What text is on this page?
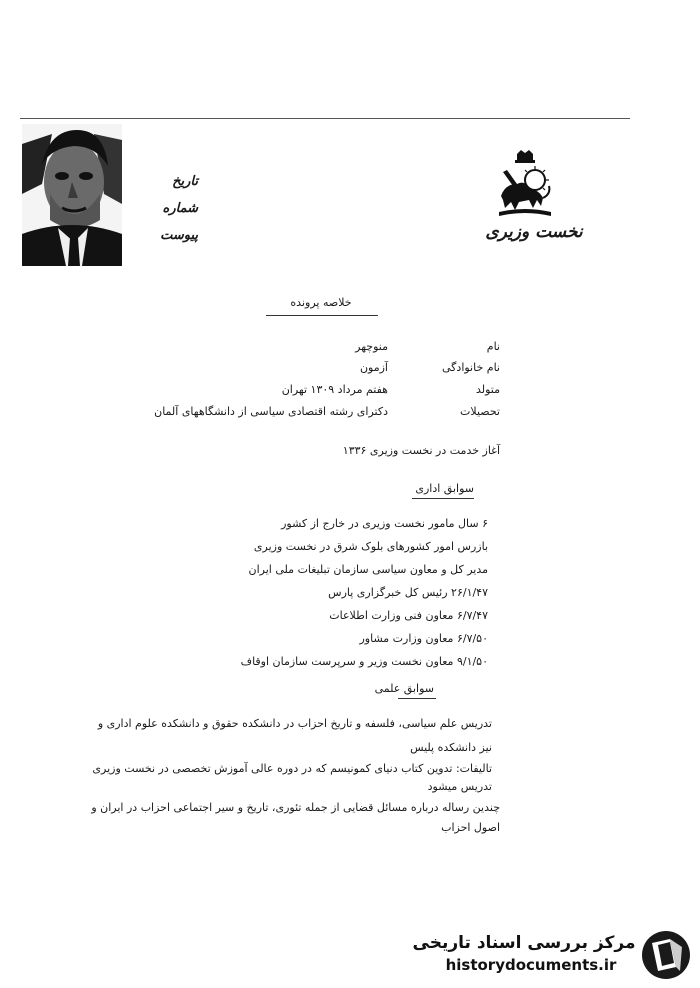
تاریخ
شماره
پیوست	نخست وزیری
خلاصه پرونده
نام
منوچهر
نام خانوادگی
آزمون
متولد
هفتم مرداد ۱۳۰۹ تهران
تحصیلات
دکترای رشته اقتصادی سیاسی از دانشگاههای آلمان
آغاز خدمت در نخست وزیری ۱۳۳۶
سوابق اداری
۶ سال مامور نخست وزیری در خارج از کشور
بازرس امور کشورهای بلوک شرق در نخست وزیری
مدیر کل و معاون سیاسی سازمان تبلیغات ملی ایران
۲۶/۱/۴۷ رئیس کل خبرگزاری پارس
۶/۷/۴۷ معاون فنی وزارت اطلاعات
۶/۷/۵۰ معاون وزارت مشاور
۹/۱/۵۰ معاون نخست وزیر و سرپرست سازمان اوقاف
سوابق علمی
تدریس علم سیاسی، فلسفه و تاریخ احزاب در دانشکده حقوق و دانشکده علوم اداری و نیز دانشکده پلیس
تالیفات: تدوین کتاب دنیای کمونیسم که در دوره عالی آموزش تخصصی در نخست وزیری تدریس میشود
چندین رساله درباره مسائل قضایی از جمله تئوری، تاریخ و سیر اجتماعی احزاب در ایران و اصول احزاب
مرکز بررسی اسناد تاریخی
historydocuments.ir
